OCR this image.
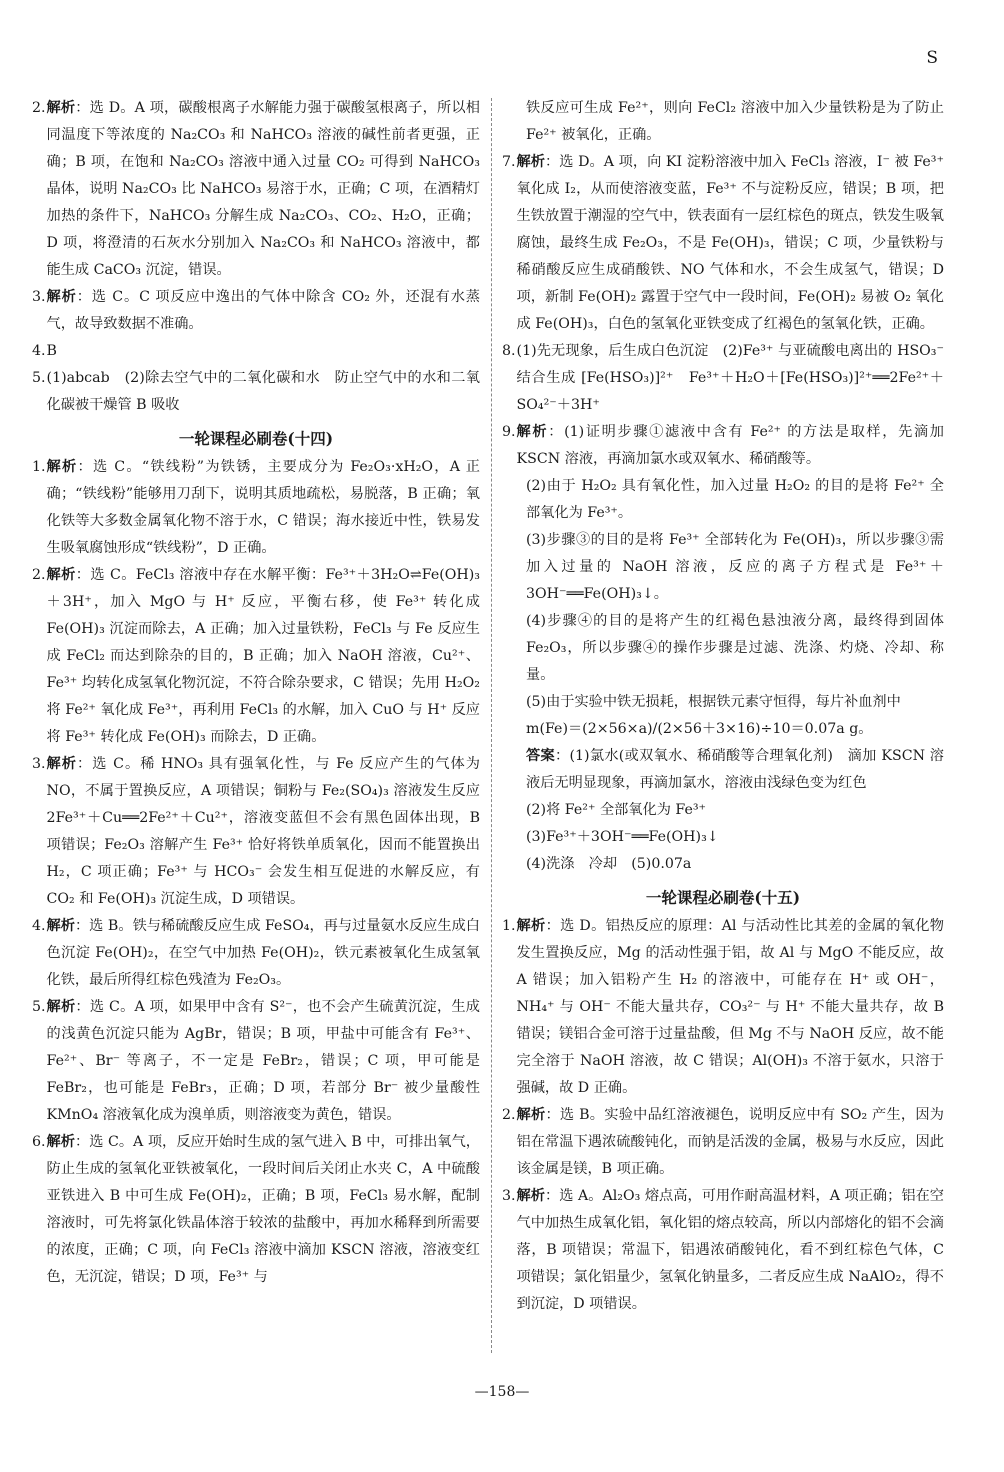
S
2. 解析：选 D。A 项，碳酸根离子水解能力强于碳酸氢根离子，所以相同温度下等浓度的 Na₂CO₃ 和 NaHCO₃ 溶液的碱性前者更强，正确；B 项，在饱和 Na₂CO₃ 溶液中通入过量 CO₂ 可得到 NaHCO₃ 晶体，说明 Na₂CO₃ 比 NaHCO₃ 易溶于水，正确；C 项，在酒精灯加热的条件下，NaHCO₃ 分解生成 Na₂CO₃、CO₂、H₂O，正确；D 项，将澄清的石灰水分别加入 Na₂CO₃ 和 NaHCO₃ 溶液中，都能生成 CaCO₃ 沉淀，错误。
3. 解析：选 C。C 项反应中逸出的气体中除含 CO₂ 外，还混有水蒸气，故导致数据不准确。
4. B
5. (1)abcab　(2)除去空气中的二氧化碳和水　防止空气中的水和二氧化碳被干燥管 B 吸收
一轮课程必刷卷(十四)
1. 解析：选 C。“铁线粉”为铁锈，主要成分为 Fe₂O₃·xH₂O，A 正确；“铁线粉”能够用刀刮下，说明其质地疏松，易脱落，B 正确；氧化铁等大多数金属氧化物不溶于水，C 错误；海水接近中性，铁易发生吸氧腐蚀形成“铁线粉”，D 正确。
2. 解析：选 C。FeCl₃ 溶液中存在水解平衡：Fe³⁺＋3H₂O⇌Fe(OH)₃＋3H⁺，加入 MgO 与 H⁺ 反应，平衡右移，使 Fe³⁺ 转化成 Fe(OH)₃ 沉淀而除去，A 正确；加入过量铁粉，FeCl₃ 与 Fe 反应生成 FeCl₂ 而达到除杂的目的，B 正确；加入 NaOH 溶液，Cu²⁺、Fe³⁺ 均转化成氢氧化物沉淀，不符合除杂要求，C 错误；先用 H₂O₂ 将 Fe²⁺ 氧化成 Fe³⁺，再利用 FeCl₃ 的水解，加入 CuO 与 H⁺ 反应将 Fe³⁺ 转化成 Fe(OH)₃ 而除去，D 正确。
3. 解析：选 C。稀 HNO₃ 具有强氧化性，与 Fe 反应产生的气体为 NO，不属于置换反应，A 项错误；铜粉与 Fe₂(SO₄)₃ 溶液发生反应 2Fe³⁺＋Cu══2Fe²⁺＋Cu²⁺，溶液变蓝但不会有黑色固体出现，B 项错误；Fe₂O₃ 溶解产生 Fe³⁺ 恰好将铁单质氧化，因而不能置换出 H₂，C 项正确；Fe³⁺ 与 HCO₃⁻ 会发生相互促进的水解反应，有 CO₂ 和 Fe(OH)₃ 沉淀生成，D 项错误。
4. 解析：选 B。铁与稀硫酸反应生成 FeSO₄，再与过量氨水反应生成白色沉淀 Fe(OH)₂，在空气中加热 Fe(OH)₂，铁元素被氧化生成氢氧化铁，最后所得红棕色残渣为 Fe₂O₃。
5. 解析：选 C。A 项，如果甲中含有 S²⁻，也不会产生硫黄沉淀，生成的浅黄色沉淀只能为 AgBr，错误；B 项，甲盐中可能含有 Fe³⁺、Fe²⁺、Br⁻ 等离子，不一定是 FeBr₂，错误；C 项，甲可能是 FeBr₂，也可能是 FeBr₃，正确；D 项，若部分 Br⁻ 被少量酸性 KMnO₄ 溶液氧化成为溴单质，则溶液变为黄色，错误。
6. 解析：选 C。A 项，反应开始时生成的氢气进入 B 中，可排出氧气，防止生成的氢氧化亚铁被氧化，一段时间后关闭止水夹 C，A 中硫酸亚铁进入 B 中可生成 Fe(OH)₂，正确；B 项，FeCl₃ 易水解，配制溶液时，可先将氯化铁晶体溶于较浓的盐酸中，再加水稀释到所需要的浓度，正确；C 项，向 FeCl₃ 溶液中滴加 KSCN 溶液，溶液变红色，无沉淀，错误；D 项，Fe³⁺ 与

铁反应可生成 Fe²⁺，则向 FeCl₂ 溶液中加入少量铁粉是为了防止 Fe²⁺ 被氧化，正确。

7. 解析：选 D。A 项，向 KI 淀粉溶液中加入 FeCl₃ 溶液，I⁻ 被 Fe³⁺ 氧化成 I₂，从而使溶液变蓝，Fe³⁺ 不与淀粉反应，错误；B 项，把生铁放置于潮湿的空气中，铁表面有一层红棕色的斑点，铁发生吸氧腐蚀，最终生成 Fe₂O₃，不是 Fe(OH)₃，错误；C 项，少量铁粉与稀硝酸反应生成硝酸铁、NO 气体和水，不会生成氢气，错误；D 项，新制 Fe(OH)₂ 露置于空气中一段时间，Fe(OH)₂ 易被 O₂ 氧化成 Fe(OH)₃，白色的氢氧化亚铁变成了红褐色的氢氧化铁，正确。
8. (1)先无现象，后生成白色沉淀　(2)Fe³⁺ 与亚硫酸电离出的 HSO₃⁻ 结合生成 [Fe(HSO₃)]²⁺　Fe³⁺＋H₂O＋[Fe(HSO₃)]²⁺══2Fe²⁺＋SO₄²⁻＋3H⁺
9. 解析：(1)证明步骤①滤液中含有 Fe²⁺ 的方法是取样，先滴加 KSCN 溶液，再滴加氯水或双氧水、稀硝酸等。

(2)由于 H₂O₂ 具有氧化性，加入过量 H₂O₂ 的目的是将 Fe²⁺ 全部氧化为 Fe³⁺。

(3)步骤③的目的是将 Fe³⁺ 全部转化为 Fe(OH)₃，所以步骤③需加入过量的 NaOH 溶液，反应的离子方程式是 Fe³⁺＋3OH⁻══Fe(OH)₃↓。

(4)步骤④的目的是将产生的红褐色悬浊液分离，最终得到固体 Fe₂O₃，所以步骤④的操作步骤是过滤、洗涤、灼烧、冷却、称量。

(5)由于实验中铁无损耗，根据铁元素守恒得，每片补血剂中

m(Fe)＝(2×56×a)/(2×56＋3×16)÷10＝0.07a g。

答案：(1)氯水(或双氧水、稀硝酸等合理氧化剂)　滴加 KSCN 溶液后无明显现象，再滴加氯水，溶液由浅绿色变为红色

(2)将 Fe²⁺ 全部氧化为 Fe³⁺

(3)Fe³⁺＋3OH⁻══Fe(OH)₃↓

(4)洗涤　冷却　(5)0.07a

一轮课程必刷卷(十五)
1. 解析：选 D。铝热反应的原理：Al 与活动性比其差的金属的氧化物发生置换反应，Mg 的活动性强于铝，故 Al 与 MgO 不能反应，故 A 错误；加入铝粉产生 H₂ 的溶液中，可能存在 H⁺ 或 OH⁻，NH₄⁺ 与 OH⁻ 不能大量共存，CO₃²⁻ 与 H⁺ 不能大量共存，故 B 错误；镁铝合金可溶于过量盐酸，但 Mg 不与 NaOH 反应，故不能完全溶于 NaOH 溶液，故 C 错误；Al(OH)₃ 不溶于氨水，只溶于强碱，故 D 正确。
2. 解析：选 B。实验中品红溶液褪色，说明反应中有 SO₂ 产生，因为铝在常温下遇浓硫酸钝化，而钠是活泼的金属，极易与水反应，因此该金属是镁，B 项正确。
3. 解析：选 A。Al₂O₃ 熔点高，可用作耐高温材料，A 项正确；铝在空气中加热生成氧化铝，氧化铝的熔点较高，所以内部熔化的铝不会滴落，B 项错误；常温下，铝遇浓硝酸钝化，看不到红棕色气体，C 项错误；氯化铝量少，氢氧化钠量多，二者反应生成 NaAlO₂，得不到沉淀，D 项错误。
—158—
